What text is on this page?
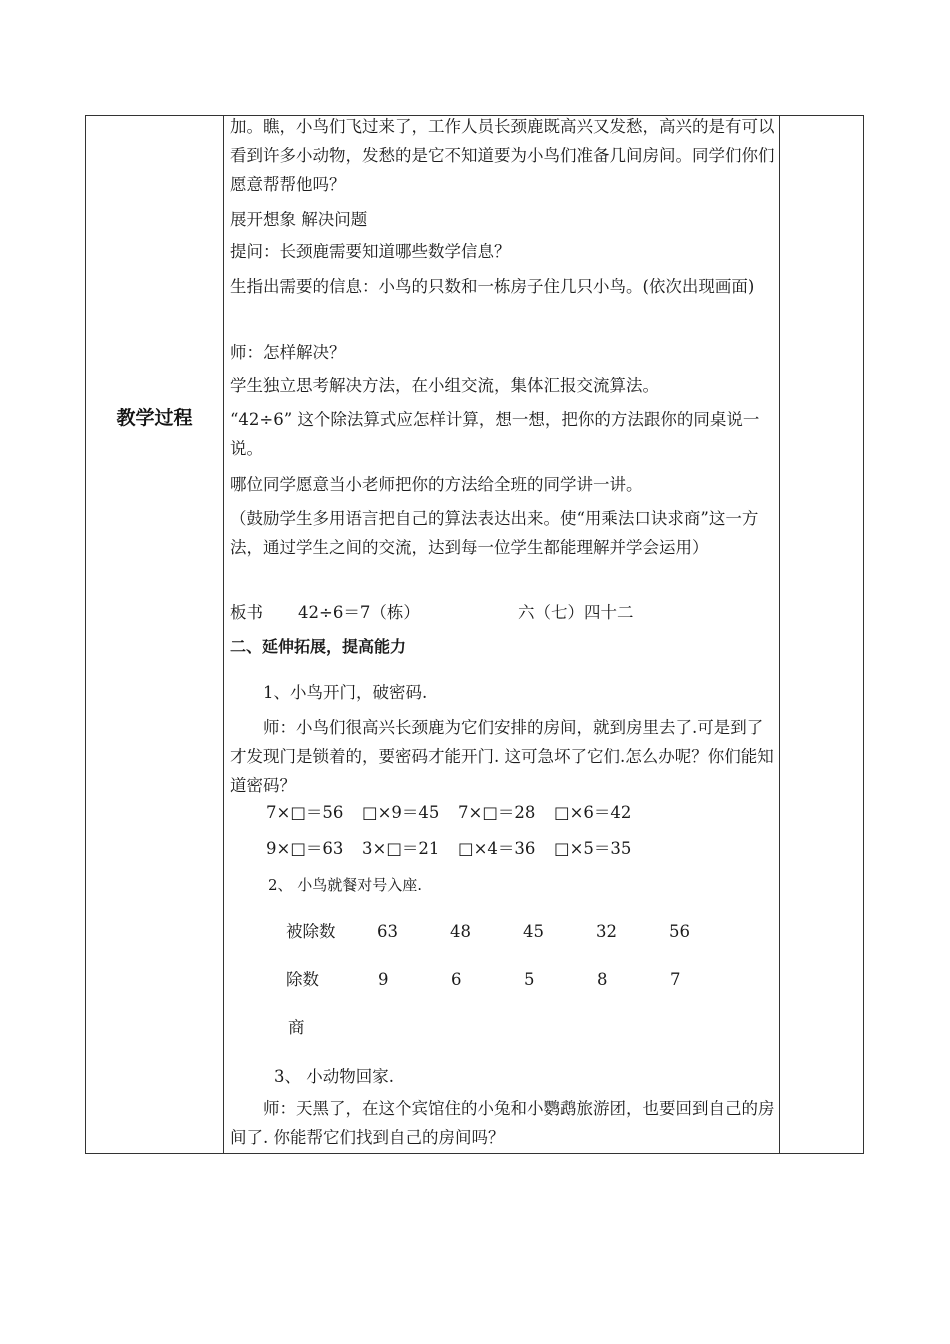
教学过程

加。瞧，小鸟们飞过来了，工作人员长颈鹿既高兴又发愁，高兴的是有可以看到许多小动物，发愁的是它不知道要为小鸟们准备几间房间。同学们你们愿意帮帮他吗？

展开想象 解决问题

提问：长颈鹿需要知道哪些数学信息？

生指出需要的信息：小鸟的只数和一栋房子住几只小鸟。(依次出现画面)

师：怎样解决？

学生独立思考解决方法，在小组交流，集体汇报交流算法。

“42÷6” 这个除法算式应怎样计算，想一想，把你的方法跟你的同桌说一说。

哪位同学愿意当小老师把你的方法给全班的同学讲一讲。

（鼓励学生多用语言把自己的算法表达出来。使“用乘法口诀求商”这一方法，通过学生之间的交流，达到每一位学生都能理解并学会运用）

板书 42÷6＝7（栋）	六（七）四十二

二、延伸拓展，提高能力

1、小鸟开门，破密码.

师：小鸟们很高兴长颈鹿为它们安排的房间，就到房里去了.可是到了才发现门是锁着的，要密码才能开门. 这可急坏了它们.怎么办呢？你们能知道密码？

7×□＝56 □×9＝45 7×□＝28 □×6＝42
9×□＝63 3×□＝21 □×4＝36 □×5＝35

2、 小鸟就餐对号入座.

被除数	63	48	45	32	56
除数	9	6	5	8	7
商

3、 小动物回家.

师：天黑了，在这个宾馆住的小兔和小鹦鹉旅游团，也要回到自己的房间了. 你能帮它们找到自己的房间吗？
